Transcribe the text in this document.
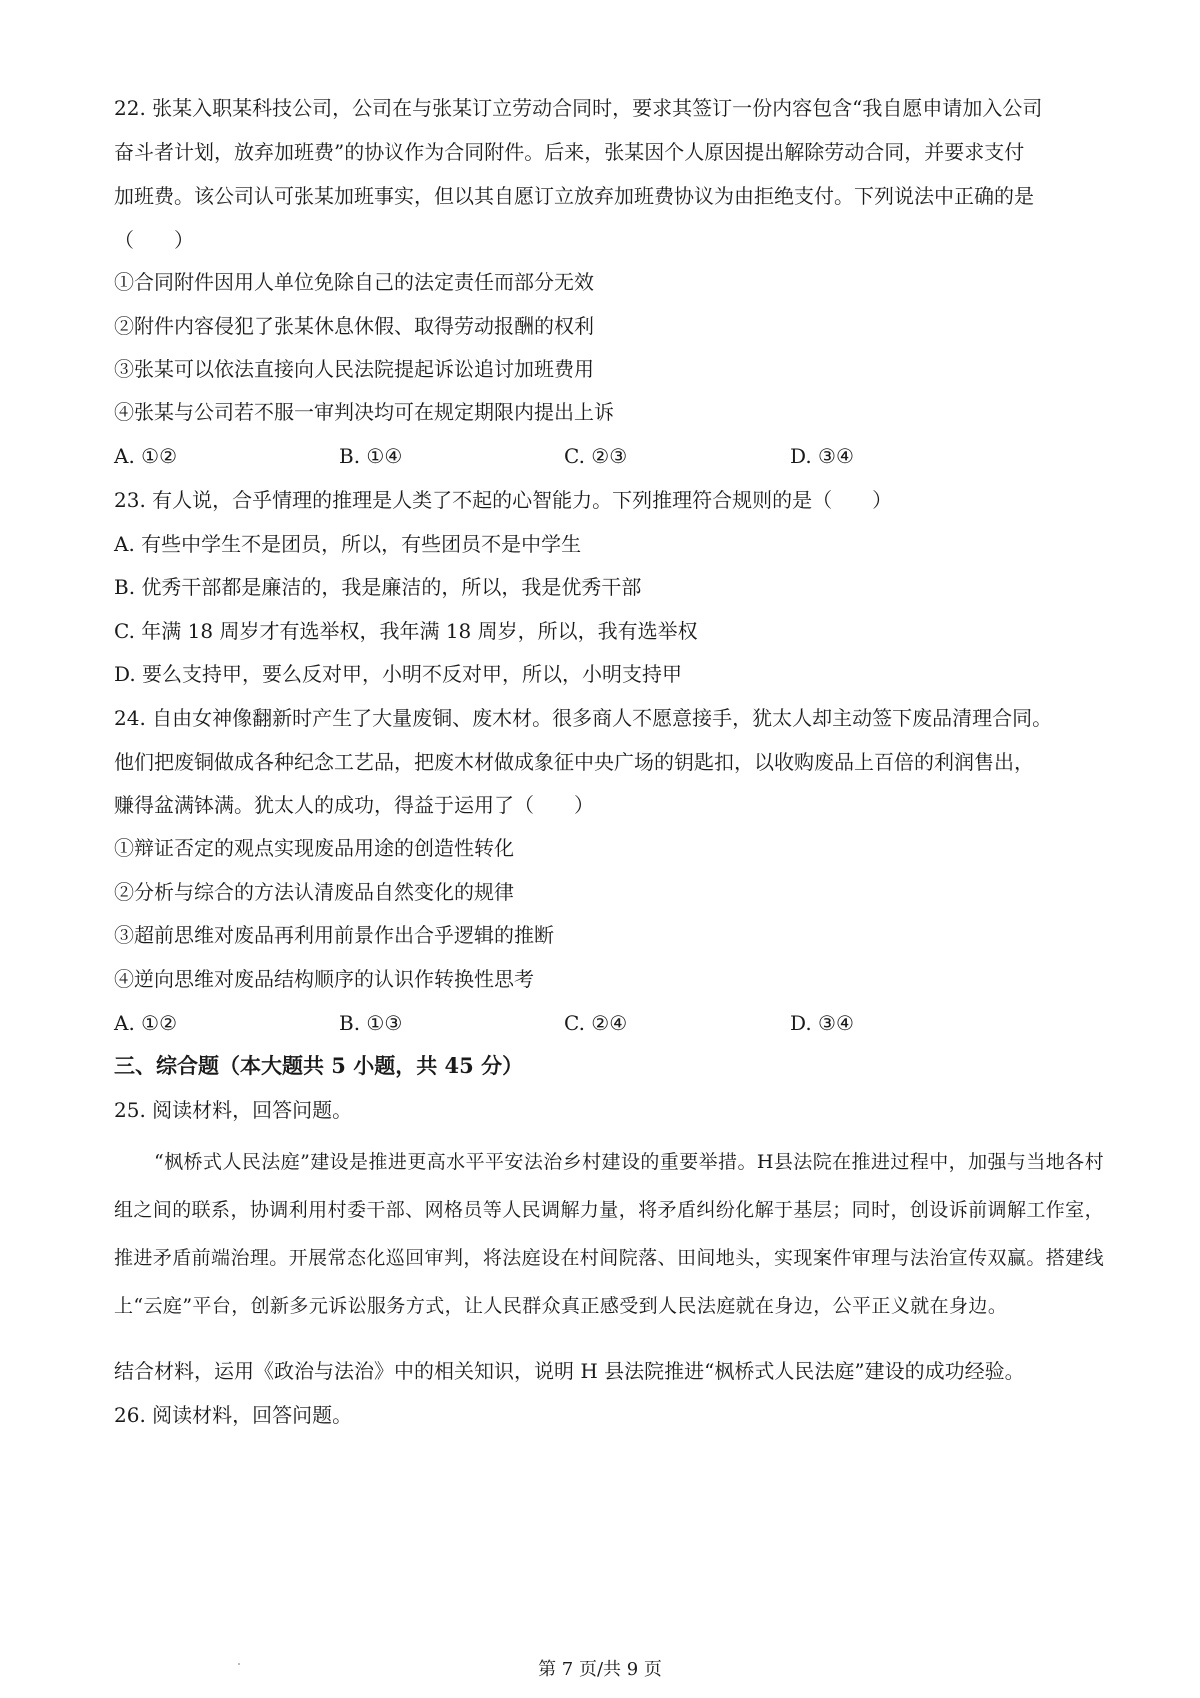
22. 张某入职某科技公司，公司在与张某订立劳动合同时，要求其签订一份内容包含“我自愿申请加入公司
奋斗者计划，放弃加班费”的协议作为合同附件。后来，张某因个人原因提出解除劳动合同，并要求支付
加班费。该公司认可张某加班事实，但以其自愿订立放弃加班费协议为由拒绝支付。下列说法中正确的是
（　　）
①合同附件因用人单位免除自己的法定责任而部分无效
②附件内容侵犯了张某休息休假、取得劳动报酬的权利
③张某可以依法直接向人民法院提起诉讼追讨加班费用
④张某与公司若不服一审判决均可在规定期限内提出上诉
A. ①②	B. ①④	C. ②③	D. ③④
23. 有人说，合乎情理的推理是人类了不起的心智能力。下列推理符合规则的是（　　）
A. 有些中学生不是团员，所以，有些团员不是中学生
B. 优秀干部都是廉洁的，我是廉洁的，所以，我是优秀干部
C. 年满 18 周岁才有选举权，我年满 18 周岁，所以，我有选举权
D. 要么支持甲，要么反对甲，小明不反对甲，所以，小明支持甲
24. 自由女神像翻新时产生了大量废铜、废木材。很多商人不愿意接手，犹太人却主动签下废品清理合同。
他们把废铜做成各种纪念工艺品，把废木材做成象征中央广场的钥匙扣，以收购废品上百倍的利润售出，
赚得盆满钵满。犹太人的成功，得益于运用了（　　）
①辩证否定的观点实现废品用途的创造性转化
②分析与综合的方法认清废品自然变化的规律
③超前思维对废品再利用前景作出合乎逻辑的推断
④逆向思维对废品结构顺序的认识作转换性思考
A. ①②	B. ①③	C. ②④	D. ③④
三、综合题（本大题共 5 小题，共 45 分）
25. 阅读材料，回答问题。
“枫桥式人民法庭”建设是推进更高水平平安法治乡村建设的重要举措。H县法院在推进过程中，加强与当地各村组之间的联系，协调利用村委干部、网格员等人民调解力量，将矛盾纠纷化解于基层；同时，创设诉前调解工作室，推进矛盾前端治理。开展常态化巡回审判，将法庭设在村间院落、田间地头，实现案件审理与法治宣传双赢。搭建线上“云庭”平台，创新多元诉讼服务方式，让人民群众真正感受到人民法庭就在身边，公平正义就在身边。
结合材料，运用《政治与法治》中的相关知识，说明 H 县法院推进“枫桥式人民法庭”建设的成功经验。
26. 阅读材料，回答问题。
第 7 页/共 9 页
